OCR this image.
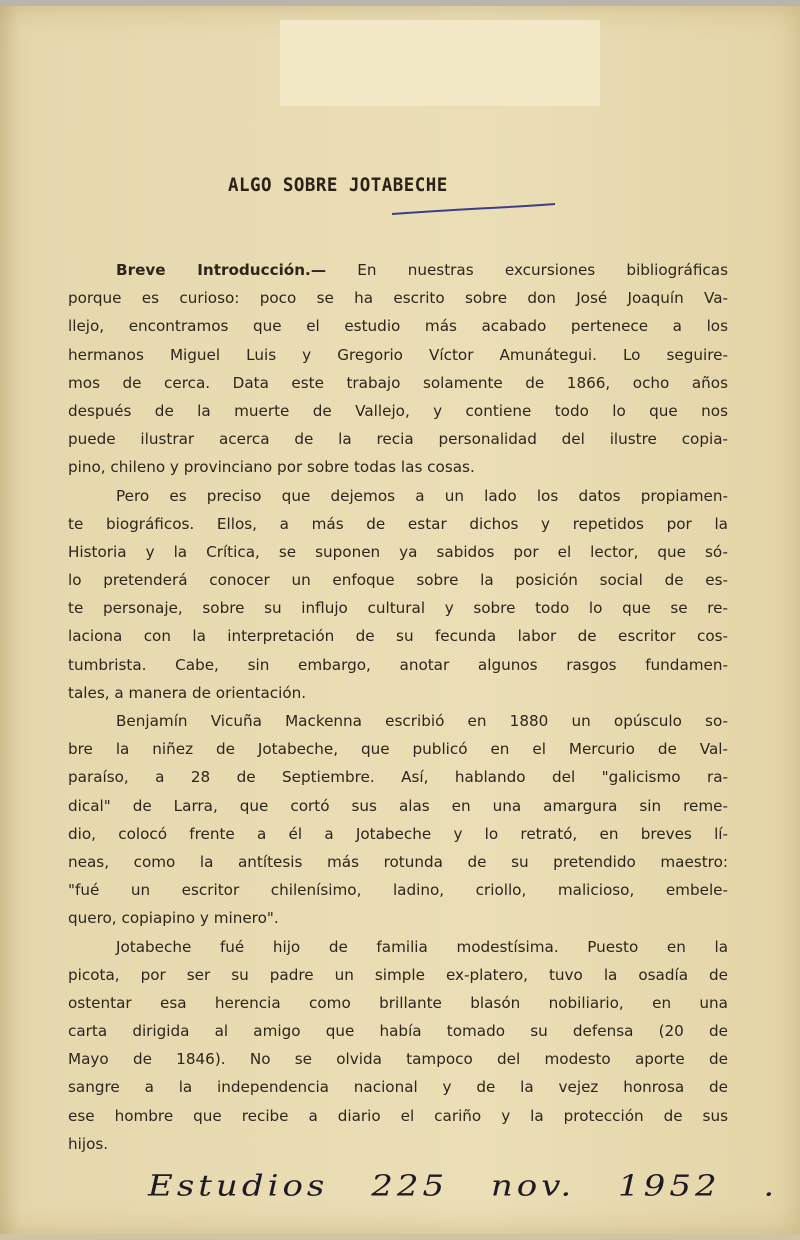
ALGO SOBRE JOTABECHE
Breve Introducción.— En nuestras excursiones bibliográficas
porque es curioso: poco se ha escrito sobre don José Joaquín Va-
llejo, encontramos que el estudio más acabado pertenece a los
hermanos Miguel Luis y Gregorio Víctor Amunátegui. Lo seguire-
mos de cerca. Data este trabajo solamente de 1866, ocho años
después de la muerte de Vallejo, y contiene todo lo que nos
puede ilustrar acerca de la recia personalidad del ilustre copia-
pino, chileno y provinciano por sobre todas las cosas.
Pero es preciso que dejemos a un lado los datos propiamen-
te biográficos. Ellos, a más de estar dichos y repetidos por la
Historia y la Crítica, se suponen ya sabidos por el lector, que só-
lo pretenderá conocer un enfoque sobre la posición social de es-
te personaje, sobre su influjo cultural y sobre todo lo que se re-
laciona con la interpretación de su fecunda labor de escritor cos-
tumbrista. Cabe, sin embargo, anotar algunos rasgos fundamen-
tales, a manera de orientación.
Benjamín Vicuña Mackenna escribió en 1880 un opúsculo so-
bre la niñez de Jotabeche, que publicó en el Mercurio de Val-
paraíso, a 28 de Septiembre. Así, hablando del "galicismo ra-
dical" de Larra, que cortó sus alas en una amargura sin reme-
dio, colocó frente a él a Jotabeche y lo retrató, en breves lí-
neas, como la antítesis más rotunda de su pretendido maestro:
"fué un escritor chilenísimo, ladino, criollo, malicioso, embele-
quero, copiapino y minero".
Jotabeche fué hijo de familia modestísima. Puesto en la
picota, por ser su padre un simple ex-platero, tuvo la osadía de
ostentar esa herencia como brillante blasón nobiliario, en una
carta dirigida al amigo que había tomado su defensa (20 de
Mayo de 1846). No se olvida tampoco del modesto aporte de
sangre a la independencia nacional y de la vejez honrosa de
ese hombre que recibe a diario el cariño y la protección de sus
hijos.
Estudios 225 nov. 1952 .
